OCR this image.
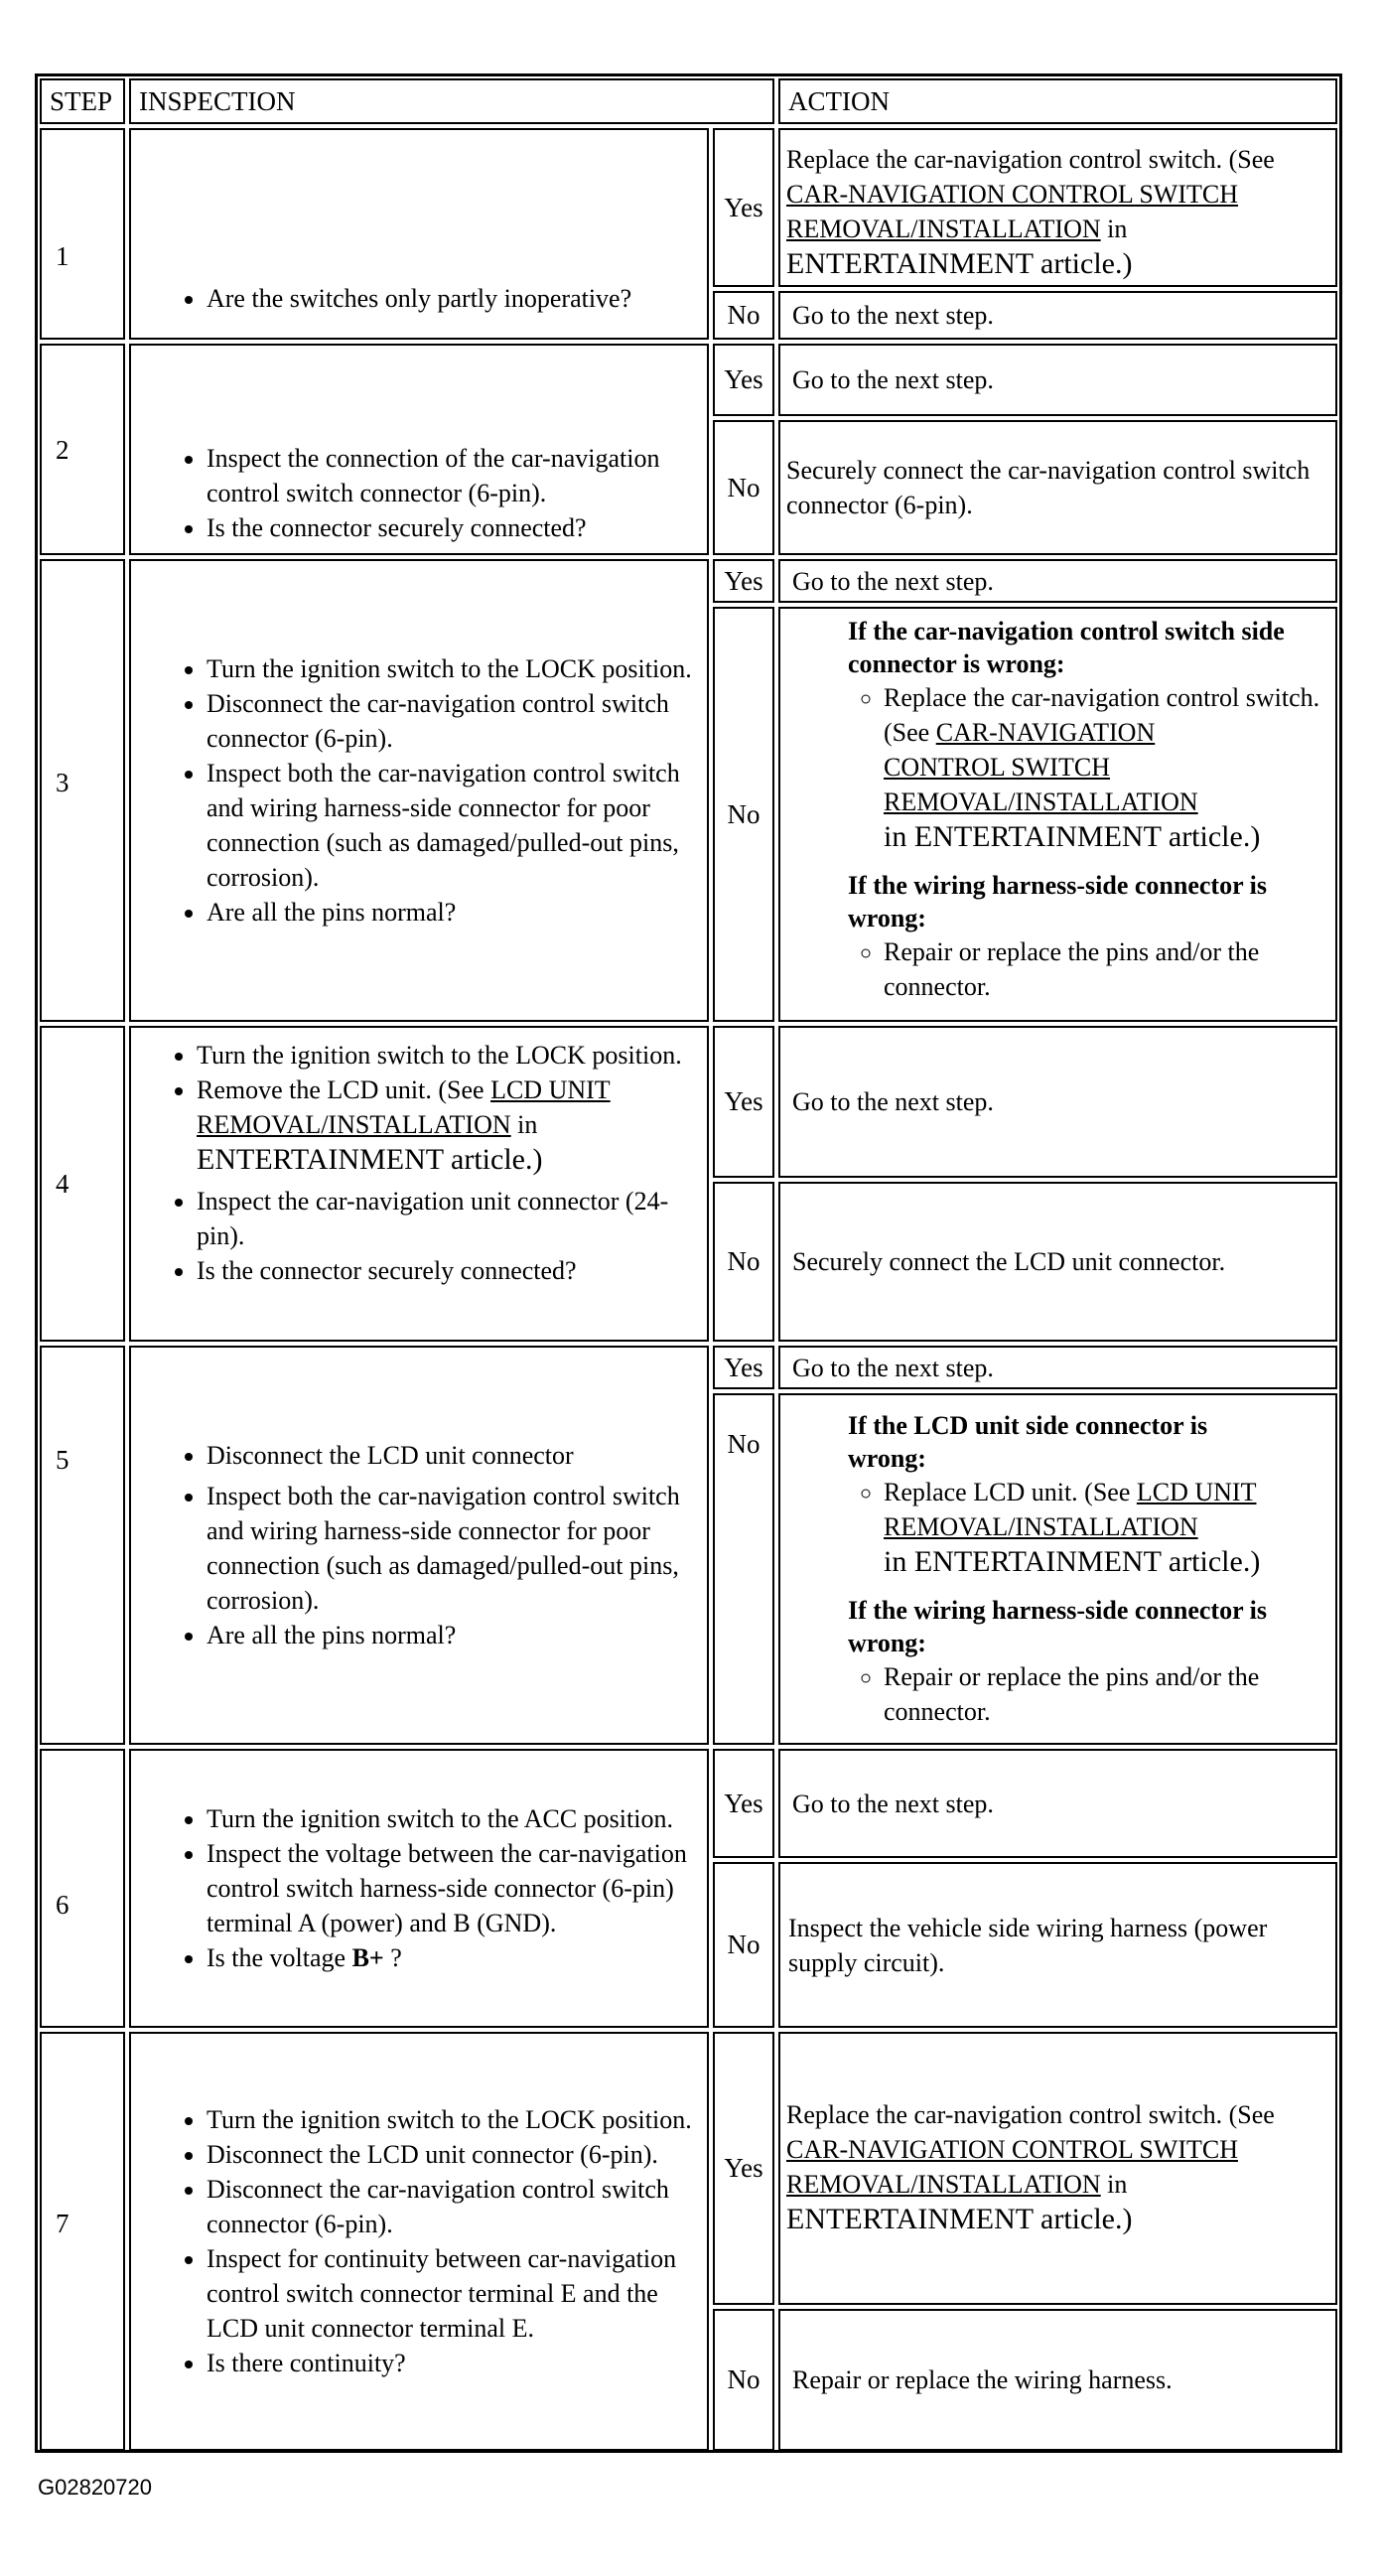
STEP INSPECTION	ACTION
1
• Are the switches only partly inoperative?
Yes
Replace the car-navigation control switch. (See
CAR-NAVIGATION CONTROL SWITCH
REMOVAL/INSTALLATION in
ENTERTAINMENT article.)
No Go to the next step.
2	• Inspect the connection of the car-navigation control switch connector (6-pin).
• Is the connector securely connected?
Yes Go to the next step.
No
Securely connect the car-navigation control switch connector (6-pin).
3
• Turn the ignition switch to the LOCK position.
• Disconnect the car-navigation control switch connector (6-pin).
• Inspect both the car-navigation control switch and wiring harness-side connector for poor connection (such as damaged/pulled-out pins, corrosion).
• Are all the pins normal?
Yes Go to the next step.
No
If the car-navigation control switch side connector is wrong:
◦ Replace the car-navigation control switch. (See CAR-NAVIGATION
CONTROL SWITCH
REMOVAL/INSTALLATION
in ENTERTAINMENT article.)
If the wiring harness-side connector is wrong:
◦ Repair or replace the pins and/or the connector.
4
• Turn the ignition switch to the LOCK position.
• Remove the LCD unit. (See LCD UNIT
REMOVAL/INSTALLATION in
ENTERTAINMENT article.)
• Inspect the car-navigation unit connector (24-pin).
• Is the connector securely connected?
Yes Go to the next step.
No Securely connect the LCD unit connector.
5	• Disconnect the LCD unit connector
• Inspect both the car-navigation control switch and wiring harness-side connector for poor connection (such as damaged/pulled-out pins, corrosion).
• Are all the pins normal?
Yes Go to the next step.
No
If the LCD unit side connector is wrong:
◦ Replace LCD unit. (See LCD UNIT
REMOVAL/INSTALLATION
in ENTERTAINMENT article.)
If the wiring harness-side connector is wrong:
◦ Repair or replace the pins and/or the connector.
6
• Turn the ignition switch to the ACC position.
• Inspect the voltage between the car-navigation control switch harness-side connector (6-pin) terminal A (power) and B (GND).
• Is the voltage B+ ?
Yes Go to the next step.
No
Inspect the vehicle side wiring harness (power supply circuit).
7
• Turn the ignition switch to the LOCK position.
• Disconnect the LCD unit connector (6-pin).
• Disconnect the car-navigation control switch connector (6-pin).
• Inspect for continuity between car-navigation control switch connector terminal E and the LCD unit connector terminal E.
• Is there continuity?
Yes
Replace the car-navigation control switch. (See
CAR-NAVIGATION CONTROL SWITCH
REMOVAL/INSTALLATION in
ENTERTAINMENT article.)
No Repair or replace the wiring harness.
G02820720
